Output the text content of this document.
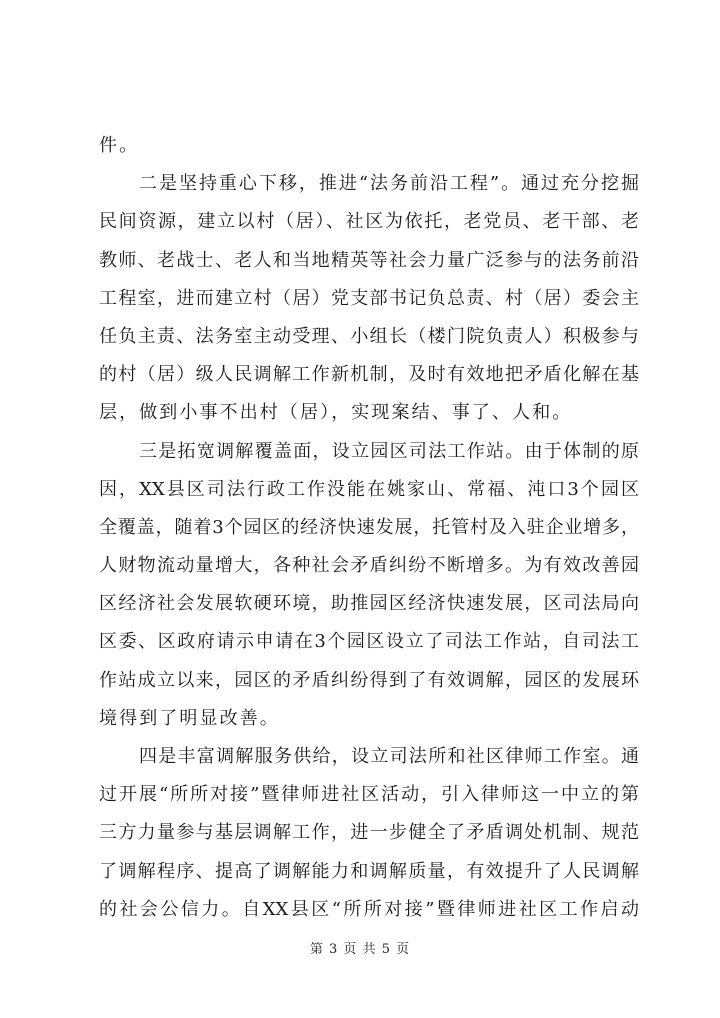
件。
二是坚持重心下移，推进“法务前沿工程”。通过充分挖掘
民间资源，建立以村（居）、社区为依托，老党员、老干部、老
教师、老战士、老人和当地精英等社会力量广泛参与的法务前沿
工程室，进而建立村（居）党支部书记负总责、村（居）委会主
任负主责、法务室主动受理、小组长（楼门院负责人）积极参与
的村（居）级人民调解工作新机制，及时有效地把矛盾化解在基
层，做到小事不出村（居），实现案结、事了、人和。
三是拓宽调解覆盖面，设立园区司法工作站。由于体制的原
因，XX县区司法行政工作没能在姚家山、常福、沌口3个园区
全覆盖，随着3个园区的经济快速发展，托管村及入驻企业增多，
人财物流动量增大，各种社会矛盾纠纷不断增多。为有效改善园
区经济社会发展软硬环境，助推园区经济快速发展，区司法局向
区委、区政府请示申请在3个园区设立了司法工作站，自司法工
作站成立以来，园区的矛盾纠纷得到了有效调解，园区的发展环
境得到了明显改善。
四是丰富调解服务供给，设立司法所和社区律师工作室。通
过开展“所所对接”暨律师进社区活动，引入律师这一中立的第
三方力量参与基层调解工作，进一步健全了矛盾调处机制、规范
了调解程序、提高了调解能力和调解质量，有效提升了人民调解
的社会公信力。自XX县区“所所对接”暨律师进社区工作启动
第 3 页 共 5 页
